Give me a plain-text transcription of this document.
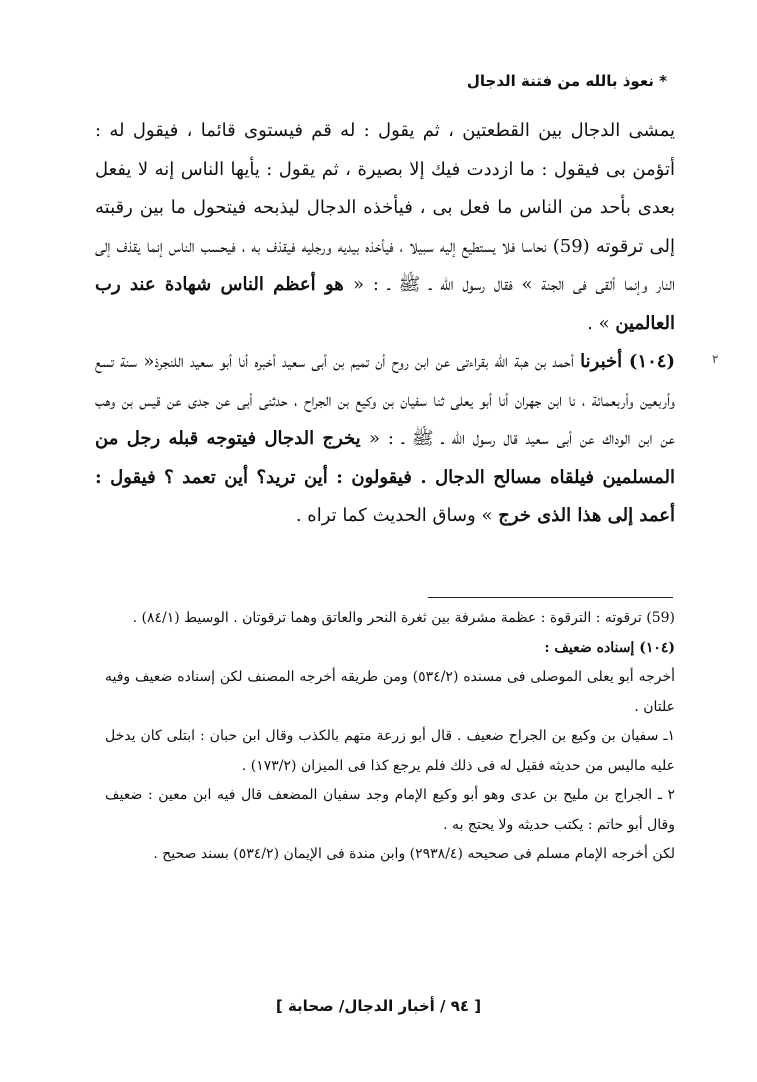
* نعوذ بالله من فتنة الدجال

يمشى الدجال بين القطعتين ، ثم يقول : له قم فيستوى قائما ، فيقول له : أتؤمن بى فيقول : ما ازددت فيك إلا بصيرة ، ثم يقول : يأيها الناس إنه لا يفعل بعدى بأحد من الناس ما فعل بى ، فيأخذه الدجال ليذبحه فيتحول ما بين رقبته إلى ترقوته (59) نحاسا فلا يستطيع إليه سبيلا ، فيأخذه بيديه ورجليه فيقذف به ، فيحسب الناس إنما يقذف إلى النار وإنما ألقى فى الجنة » فقال رسول الله ـ ﷺ ـ : « هو أعظم الناس شهادة عند رب العالمين » .

(١٠٤) أخبرنا أحمد بن هبة الله بقراءتى عن ابن روح أن تميم بن أبى سعيد أخبره أنا أبو سعيد اللنجرذ« سنة تسع وأربعين وأربعمائة ، نا ابن جهران أنا أبو يعلى ثنا سفيان بن وكيع بن الجراح ، حدثنى أبى عن جدى عن قيس بن وهب عن ابن الوداك عن أبى سعيد قال رسول الله ـ ﷺ ـ : « يخرج الدجال فيتوجه قبله رجل من المسلمين فيلقاه مسالح الدجال . فيقولون : أين تريد؟ أين تعمد ؟ فيقول : أعمد إلى هذا الذى خرج » وساق الحديث كما تراه .

(59) ترقوته : الترقوة : عظمة مشرفة بين ثغرة النحر والعاتق وهما ترقوتان . الوسيط (٨٤/١) .

(١٠٤) إسناده ضعيف :

أخرجه أبو يعلى الموصلى فى مسنده (٥٣٤/٢) ومن طريقه أخرجه المصنف لكن إسناده ضعيف وفيه علتان .

١ـ سفيان بن وكيع بن الجراح ضعيف . قال أبو زرعة متهم بالكذب وقال ابن حبان : ابتلى كان يدخل عليه ماليس من حديثه فقيل له فى ذلك فلم يرجع كذا فى الميزان (١٧٣/٢) .

٢ ـ الجراج بن مليح بن عدى وهو أبو وكيع الإمام وجد سفيان المضعف قال فيه ابن معين : ضعيف وقال أبو حاتم : يكتب حديثه ولا يحتج به .

لكن أخرجه الإمام مسلم فى صحيحه (٢٩٣٨/٤) وابن مندة فى الإيمان (٥٣٤/٢) بسند صحيح .

[ ٩٤ / أخبار الدجال/ صحابة ]
٢
